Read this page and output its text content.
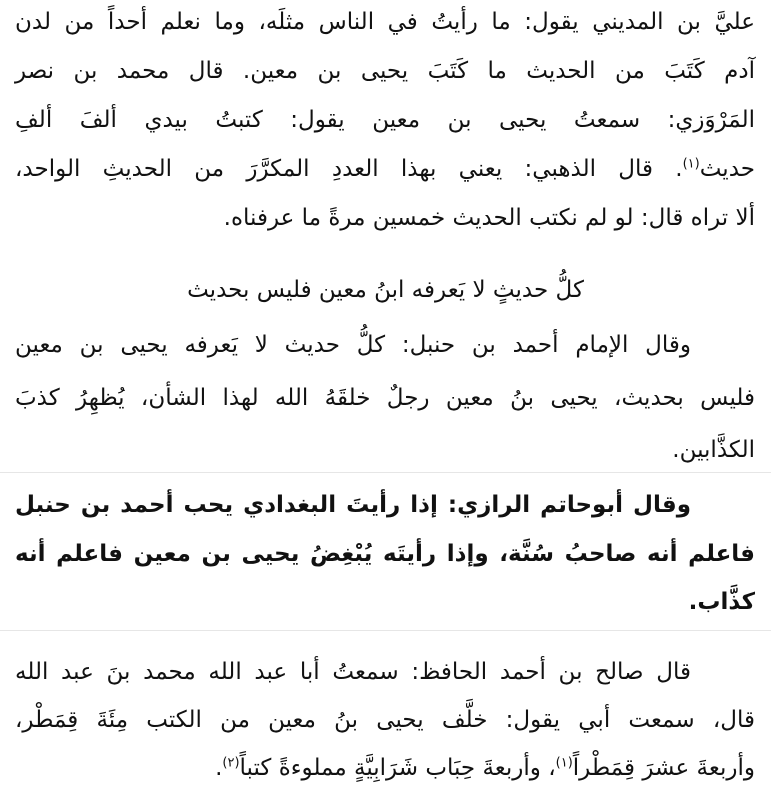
عليَّ بن المديني يقول: ما رأيتُ في الناس مثلَه، وما نعلم أحداً من لدن
آدم كَتَبَ من الحديث ما كَتَبَ يحيى بن معين. قال محمد بن نصر
المَرْوَزي: سمعتُ يحيى بن معين يقول: كتبتُ بيدي ألفَ ألفِ
حديث$^{(١)}$. قال الذهبي: يعني بهذا العددِ المكرَّرَ من الحديثِ الواحد،
ألا تراه قال: لو لم نكتب الحديث خمسين مرةً ما عرفناه.
كلُّ حديثٍ لا يَعرفه ابنُ معين فليس بحديث
وقال الإمام أحمد بن حنبل: كلُّ حديث لا يَعرفه يحيى بن معين
فليس بحديث، يحيى بنُ معين رجلٌ خلقَهُ الله لهذا الشأن، يُظهِرُ كذبَ
الكذَّابين.
وقال أبوحاتم الرازي: إذا رأيتَ البغدادي يحب أحمد بن حنبل
فاعلم أنه صاحبُ سُنَّة، وإذا رأيتَه يُبْغِضُ يحيى بن معين فاعلم أنه
كذَّاب.
قال صالح بن أحمد الحافظ: سمعتُ أبا عبد الله محمد بنَ عبد الله
قال، سمعت أبي يقول: خلَّف يحيى بنُ معين من الكتب مِئَةَ قِمَطْر،
وأربعةَ عشرَ قِمَطْراً$^{(١)}$، وأربعةَ حِبَاب شَرَابِيَّةٍ مملوءةً كتباً$^{(٢)}$.
